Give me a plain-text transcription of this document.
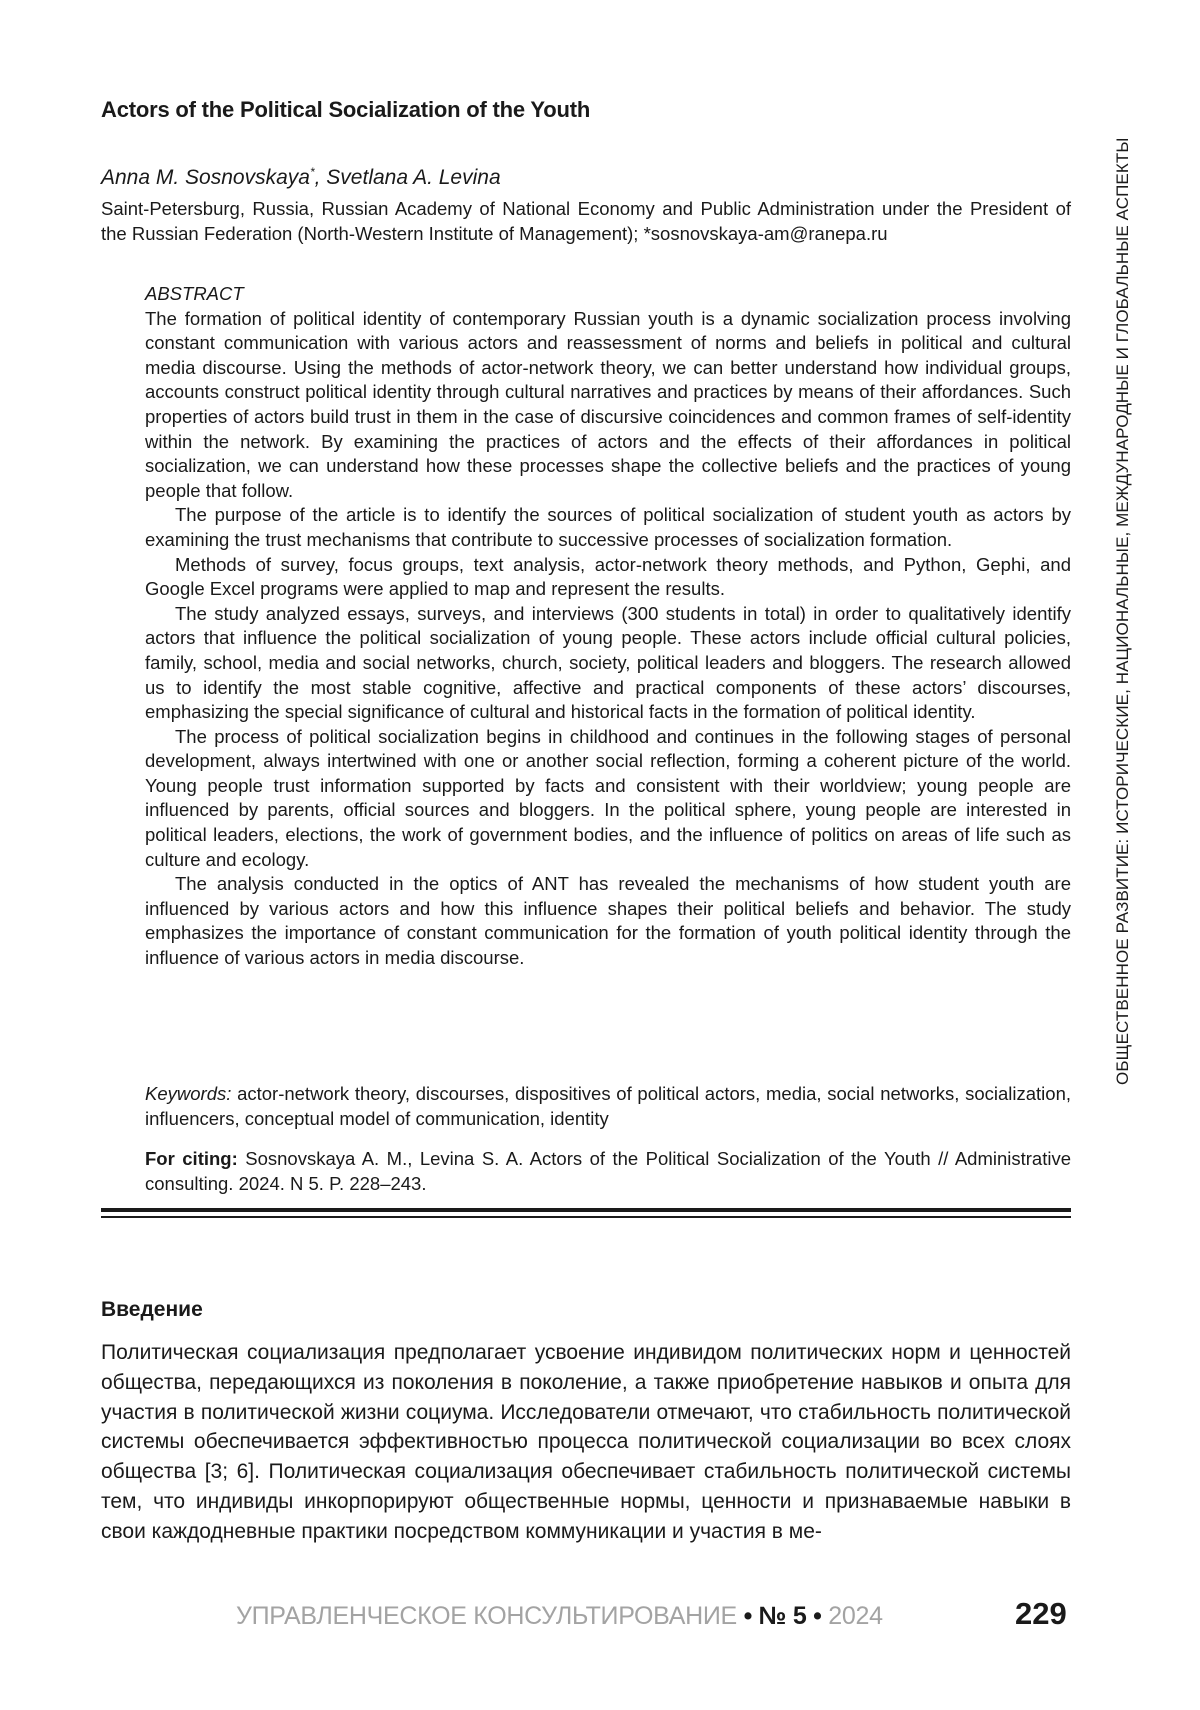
Actors of the Political Socialization of the Youth

Anna M. Sosnovskaya*, Svetlana A. Levina

Saint-Petersburg, Russia, Russian Academy of National Economy and Public Administration under the President of the Russian Federation (North-Western Institute of Management); *sosnovskaya-am@ranepa.ru

ABSTRACT

The formation of political identity of contemporary Russian youth is a dynamic socialization process involving constant communication with various actors and reassessment of norms and beliefs in political and cultural media discourse. Using the methods of actor-network theory, we can better understand how individual groups, accounts construct political identity through cultural narratives and practices by means of their affordances. Such properties of actors build trust in them in the case of discursive coincidences and common frames of self-identity within the network. By examining the practices of actors and the effects of their affordances in political socialization, we can understand how these processes shape the collective beliefs and the practices of young people that follow.

The purpose of the article is to identify the sources of political socialization of student youth as actors by examining the trust mechanisms that contribute to successive processes of socialization formation.

Methods of survey, focus groups, text analysis, actor-network theory methods, and Python, Gephi, and Google Excel programs were applied to map and represent the results.

The study analyzed essays, surveys, and interviews (300 students in total) in order to qualitatively identify actors that influence the political socialization of young people. These actors include official cultural policies, family, school, media and social networks, church, society, political leaders and bloggers. The research allowed us to identify the most stable cognitive, affective and practical components of these actors’ discourses, emphasizing the special significance of cultural and historical facts in the formation of political identity.

The process of political socialization begins in childhood and continues in the following stages of personal development, always intertwined with one or another social reflection, forming a coherent picture of the world. Young people trust information supported by facts and consistent with their worldview; young people are influenced by parents, official sources and bloggers. In the political sphere, young people are interested in political leaders, elections, the work of government bodies, and the influence of politics on areas of life such as culture and ecology.

The analysis conducted in the optics of ANT has revealed the mechanisms of how student youth are influenced by various actors and how this influence shapes their political beliefs and behavior. The study emphasizes the importance of constant communication for the formation of youth political identity through the influence of various actors in media discourse.

Keywords: actor-network theory, discourses, dispositives of political actors, media, social networks, socialization, influencers, conceptual model of communication, identity

For citing: Sosnovskaya A. M., Levina S. A. Actors of the Political Socialization of the Youth // Administrative consulting. 2024. N 5. P. 228–243.

Введение

Политическая социализация предполагает усвоение индивидом политических норм и ценностей общества, передающихся из поколения в поколение, а также приобретение навыков и опыта для участия в политической жизни социума. Исследователи отмечают, что стабильность политической системы обеспечивается эффективностью процесса политической социализации во всех слоях общества [3; 6]. Политическая социализация обеспечивает стабильность политической системы тем, что индивиды инкорпорируют общественные нормы, ценности и признаваемые навыки в свои каждодневные практики посредством коммуникации и участия в ме-

УПРАВЛЕНЧЕСКОЕ КОНСУЛЬТИРОВАНИЕ • № 5 • 2024	229

ОБЩЕСТВЕННОЕ РАЗВИТИЕ: ИСТОРИЧЕСКИЕ, НАЦИОНАЛЬНЫЕ, МЕЖДУНАРОДНЫЕ И ГЛОБАЛЬНЫЕ АСПЕКТЫ
